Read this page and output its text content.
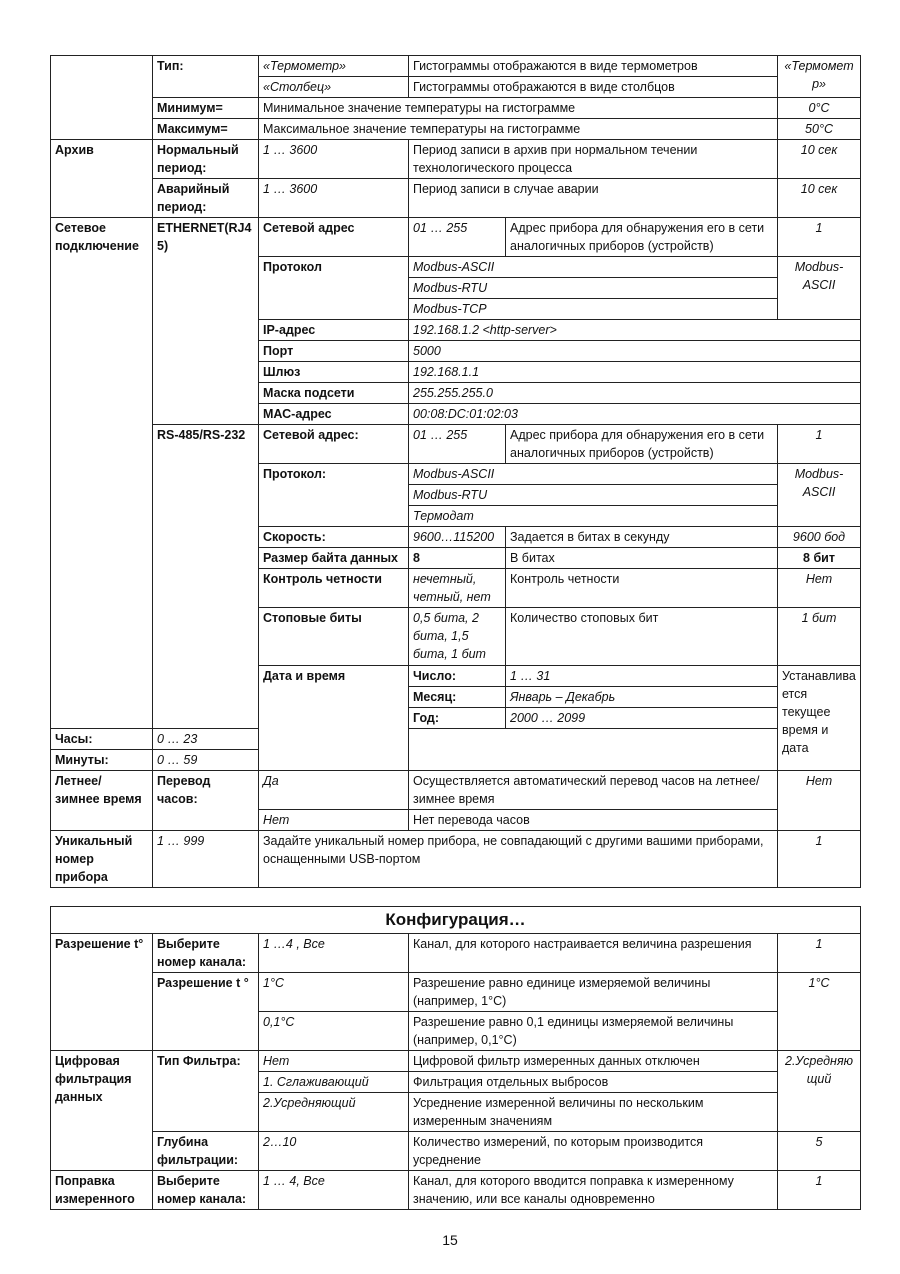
	Тип:	«Термометр»	Гистограммы отображаются в виде термометров		«Термометр»	
		«Столбец»	Гистограммы отображаются в виде столбцов			
	Минимум=	Минимальное значение температуры на гистограмме			0°C	
	Максимум=	Максимальное значение температуры на гистограмме			50°C	
Архив	Нормальный период:	1 … 3600	Период записи в архив при нормальном течении технологического процесса		10 сек	
	Аварийный период:	1 … 3600	Период записи в случае аварии		10 сек	
Сетевое подключение	ETHERNET(RJ45)	Сетевой адрес	01 … 255	Адрес прибора для обнаружения его в сети аналогичных приборов (устройств)	1	
		Протокол	Modbus-ASCII		Modbus-ASCII	
			Modbus-RTU			
			Modbus-TCP			
		IP-адрес	192.168.1.2 <http-server>			
		Порт	5000			
		Шлюз	192.168.1.1			
		Маска подсети	255.255.255.0			
		МАС-адрес	00:08:DC:01:02:03			
	RS-485/RS-232	Сетевой адрес:	01 … 255	Адрес прибора для обнаружения его в сети аналогичных приборов (устройств)	1	
		Протокол:	Modbus-ASCII		Modbus-ASCII	
			Modbus-RTU			
			Термодат			
		Скорость:	9600…115200	Задается в битах в секунду	9600 бод	
		Размер байта данных	8	В битах	8 бит	
		Контроль четности	нечетный, четный, нет	Контроль четности	Нет	
		Стоповые биты	0,5 бита, 2 бита, 1,5 бита, 1 бит	Количество стоповых бит	1 бит	
		Дата и время	Число:	1 … 31	Устанавливается текущее время и дата	
			Месяц:	Январь – Декабрь		
			Год:	2000 … 2099		
Часы:	0 … 23					
Минуты:	0 … 59					
Летнее/ зимнее время	Перевод часов:	Да	Осуществляется автоматический перевод часов на летнее/зимнее время		Нет	
		Нет	Нет перевода часов			
Уникальный номер прибора	1 … 999	Задайте уникальный номер прибора, не совпадающий с другими вашими приборами, оснащенными USB-портом			1	
Конфигурация…				
Разрешение t°	Выберите номер канала:	1 …4 , Все	Канал, для которого настраивается величина разрешения	1
	Разрешение t °	1°C	Разрешение равно единице измеряемой величины (например, 1°C)	1°C
		0,1°C	Разрешение равно 0,1 единицы измеряемой величины (например, 0,1°C)	
Цифровая фильтрация данных	Тип Фильтра:	Нет	Цифровой фильтр измеренных данных отключен	2.Усредняющий
		1. Сглаживающий	Фильтрация отдельных выбросов	
		2.Усредняющий	Усреднение измеренной величины по нескольким измеренным значениям	
	Глубина фильтрации:	2…10	Количество измерений, по которым производится усреднение	5
Поправка измеренного	Выберите номер канала:	1 … 4, Все	Канал, для которого вводится поправка к измеренному значению, или все каналы одновременно	1
15
